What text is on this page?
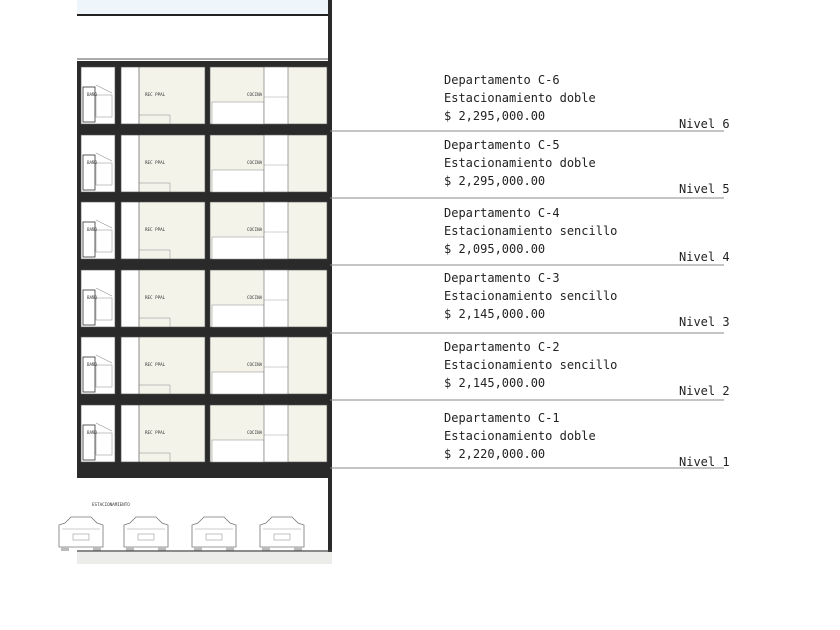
BAÑO	REC PPAL	COCINA
BAÑO	REC PPAL	COCINA
BAÑO	REC PPAL	COCINA
BAÑO	REC PPAL	COCINA
BAÑO	REC PPAL	COCINA
BAÑO	REC PPAL	COCINA
ESTACIONAMIENTO
Departamento C-6
Estacionamiento doble
$ 2,295,000.00
Departamento C-5
Estacionamiento doble
$ 2,295,000.00
Departamento C-4
Estacionamiento sencillo
$ 2,095,000.00
Departamento C-3
Estacionamiento sencillo
$ 2,145,000.00
Departamento C-2
Estacionamiento sencillo
$ 2,145,000.00
Departamento C-1
Estacionamiento doble
$ 2,220,000.00
Nivel 6
Nivel 5
Nivel 4
Nivel 3
Nivel 2
Nivel 1
